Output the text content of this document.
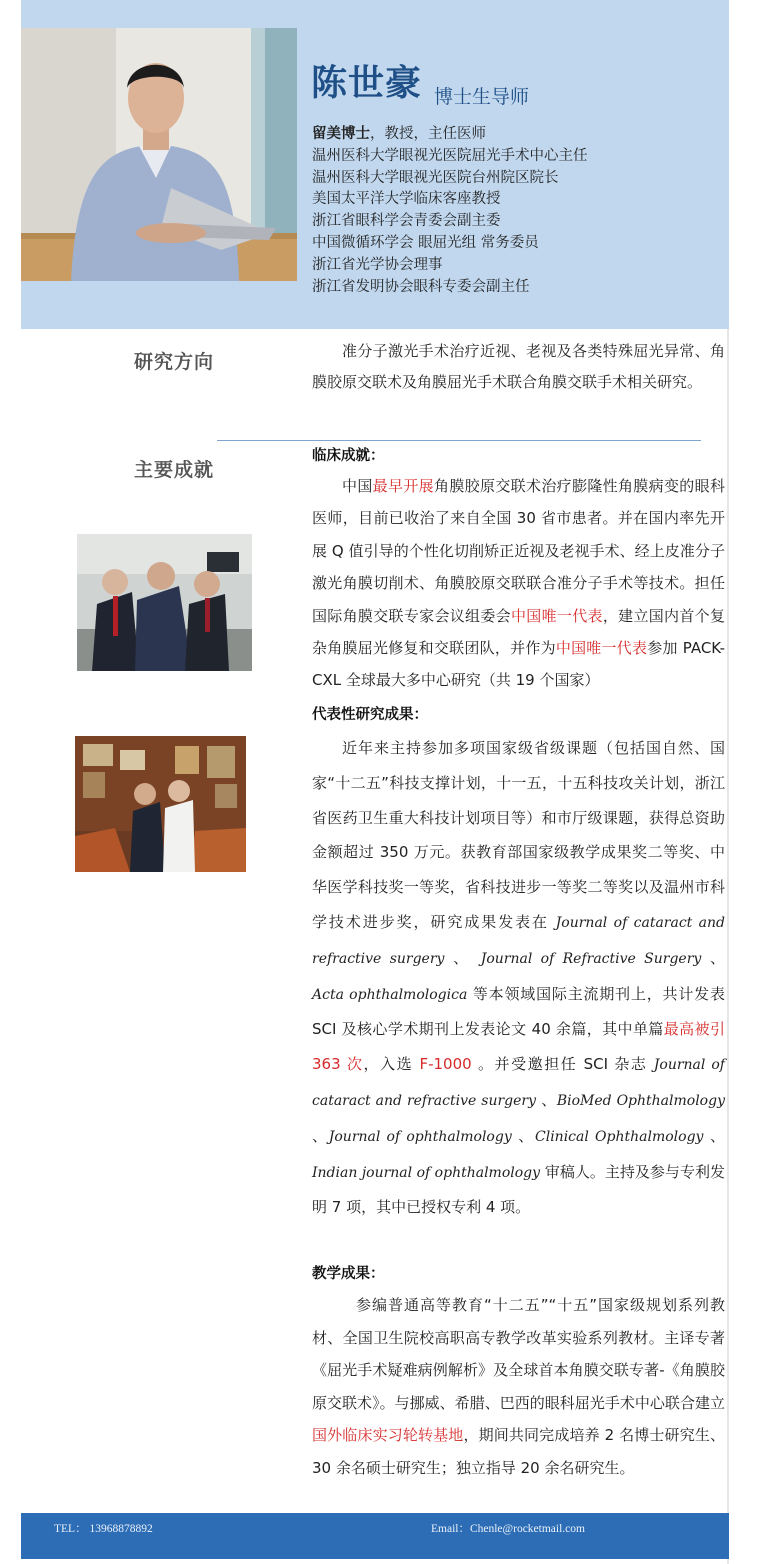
陈世豪 博士生导师
留美博士，教授，主任医师
温州医科大学眼视光医院屈光手术中心主任
温州医科大学眼视光医院台州院区院长
美国太平洋大学临床客座教授
浙江省眼科学会青委会副主委
中国微循环学会 眼屈光组 常务委员
浙江省光学协会理事
浙江省发明协会眼科专委会副主任
研究方向	准分子激光手术治疗近视、老视及各类特殊屈光异常、角膜胶原交联术及角膜屈光手术联合角膜交联手术相关研究。
主要成就
临床成就：
中国最早开展角膜胶原交联术治疗膨隆性角膜病变的眼科医师，目前已收治了来自全国 30 省市患者。并在国内率先开展 Q 值引导的个性化切削矫正近视及老视手术、经上皮准分子激光角膜切削术、角膜胶原交联联合准分子手术等技术。担任国际角膜交联专家会议组委会中国唯一代表，建立国内首个复杂角膜屈光修复和交联团队，并作为中国唯一代表参加 PACK-CXL 全球最大多中心研究（共 19 个国家）
代表性研究成果：
近年来主持参加多项国家级省级课题（包括国自然、国家“十二五”科技支撑计划，十一五，十五科技攻关计划，浙江省医药卫生重大科技计划项目等）和市厅级课题，获得总资助金额超过 350 万元。获教育部国家级教学成果奖二等奖、中华医学科技奖一等奖，省科技进步一等奖二等奖以及温州市科学技术进步奖，研究成果发表在 Journal of cataract and refractive surgery 、 Journal of Refractive Surgery 、 Acta ophthalmologica 等本领域国际主流期刊上，共计发表 SCI 及核心学术期刊上发表论文 40 余篇，其中单篇最高被引 363 次，入选 F-1000 。并受邀担任 SCI 杂志 Journal of cataract and refractive surgery 、BioMed Ophthalmology 、Journal of ophthalmology 、Clinical Ophthalmology 、Indian journal of ophthalmology 审稿人。主持及参与专利发明 7 项，其中已授权专利 4 项。
教学成果：
参编普通高等教育“十二五”“十五”国家级规划系列教材、全国卫生院校高职高专教学改革实验系列教材。主译专著《屈光手术疑难病例解析》及全球首本角膜交联专著-《角膜胶原交联术》。与挪威、希腊、巴西的眼科屈光手术中心联合建立国外临床实习轮转基地，期间共同完成培养 2 名博士研究生、30 余名硕士研究生；独立指导 20 余名研究生。
TEL： 13968878892	Email：Chenle@rocketmail.com
